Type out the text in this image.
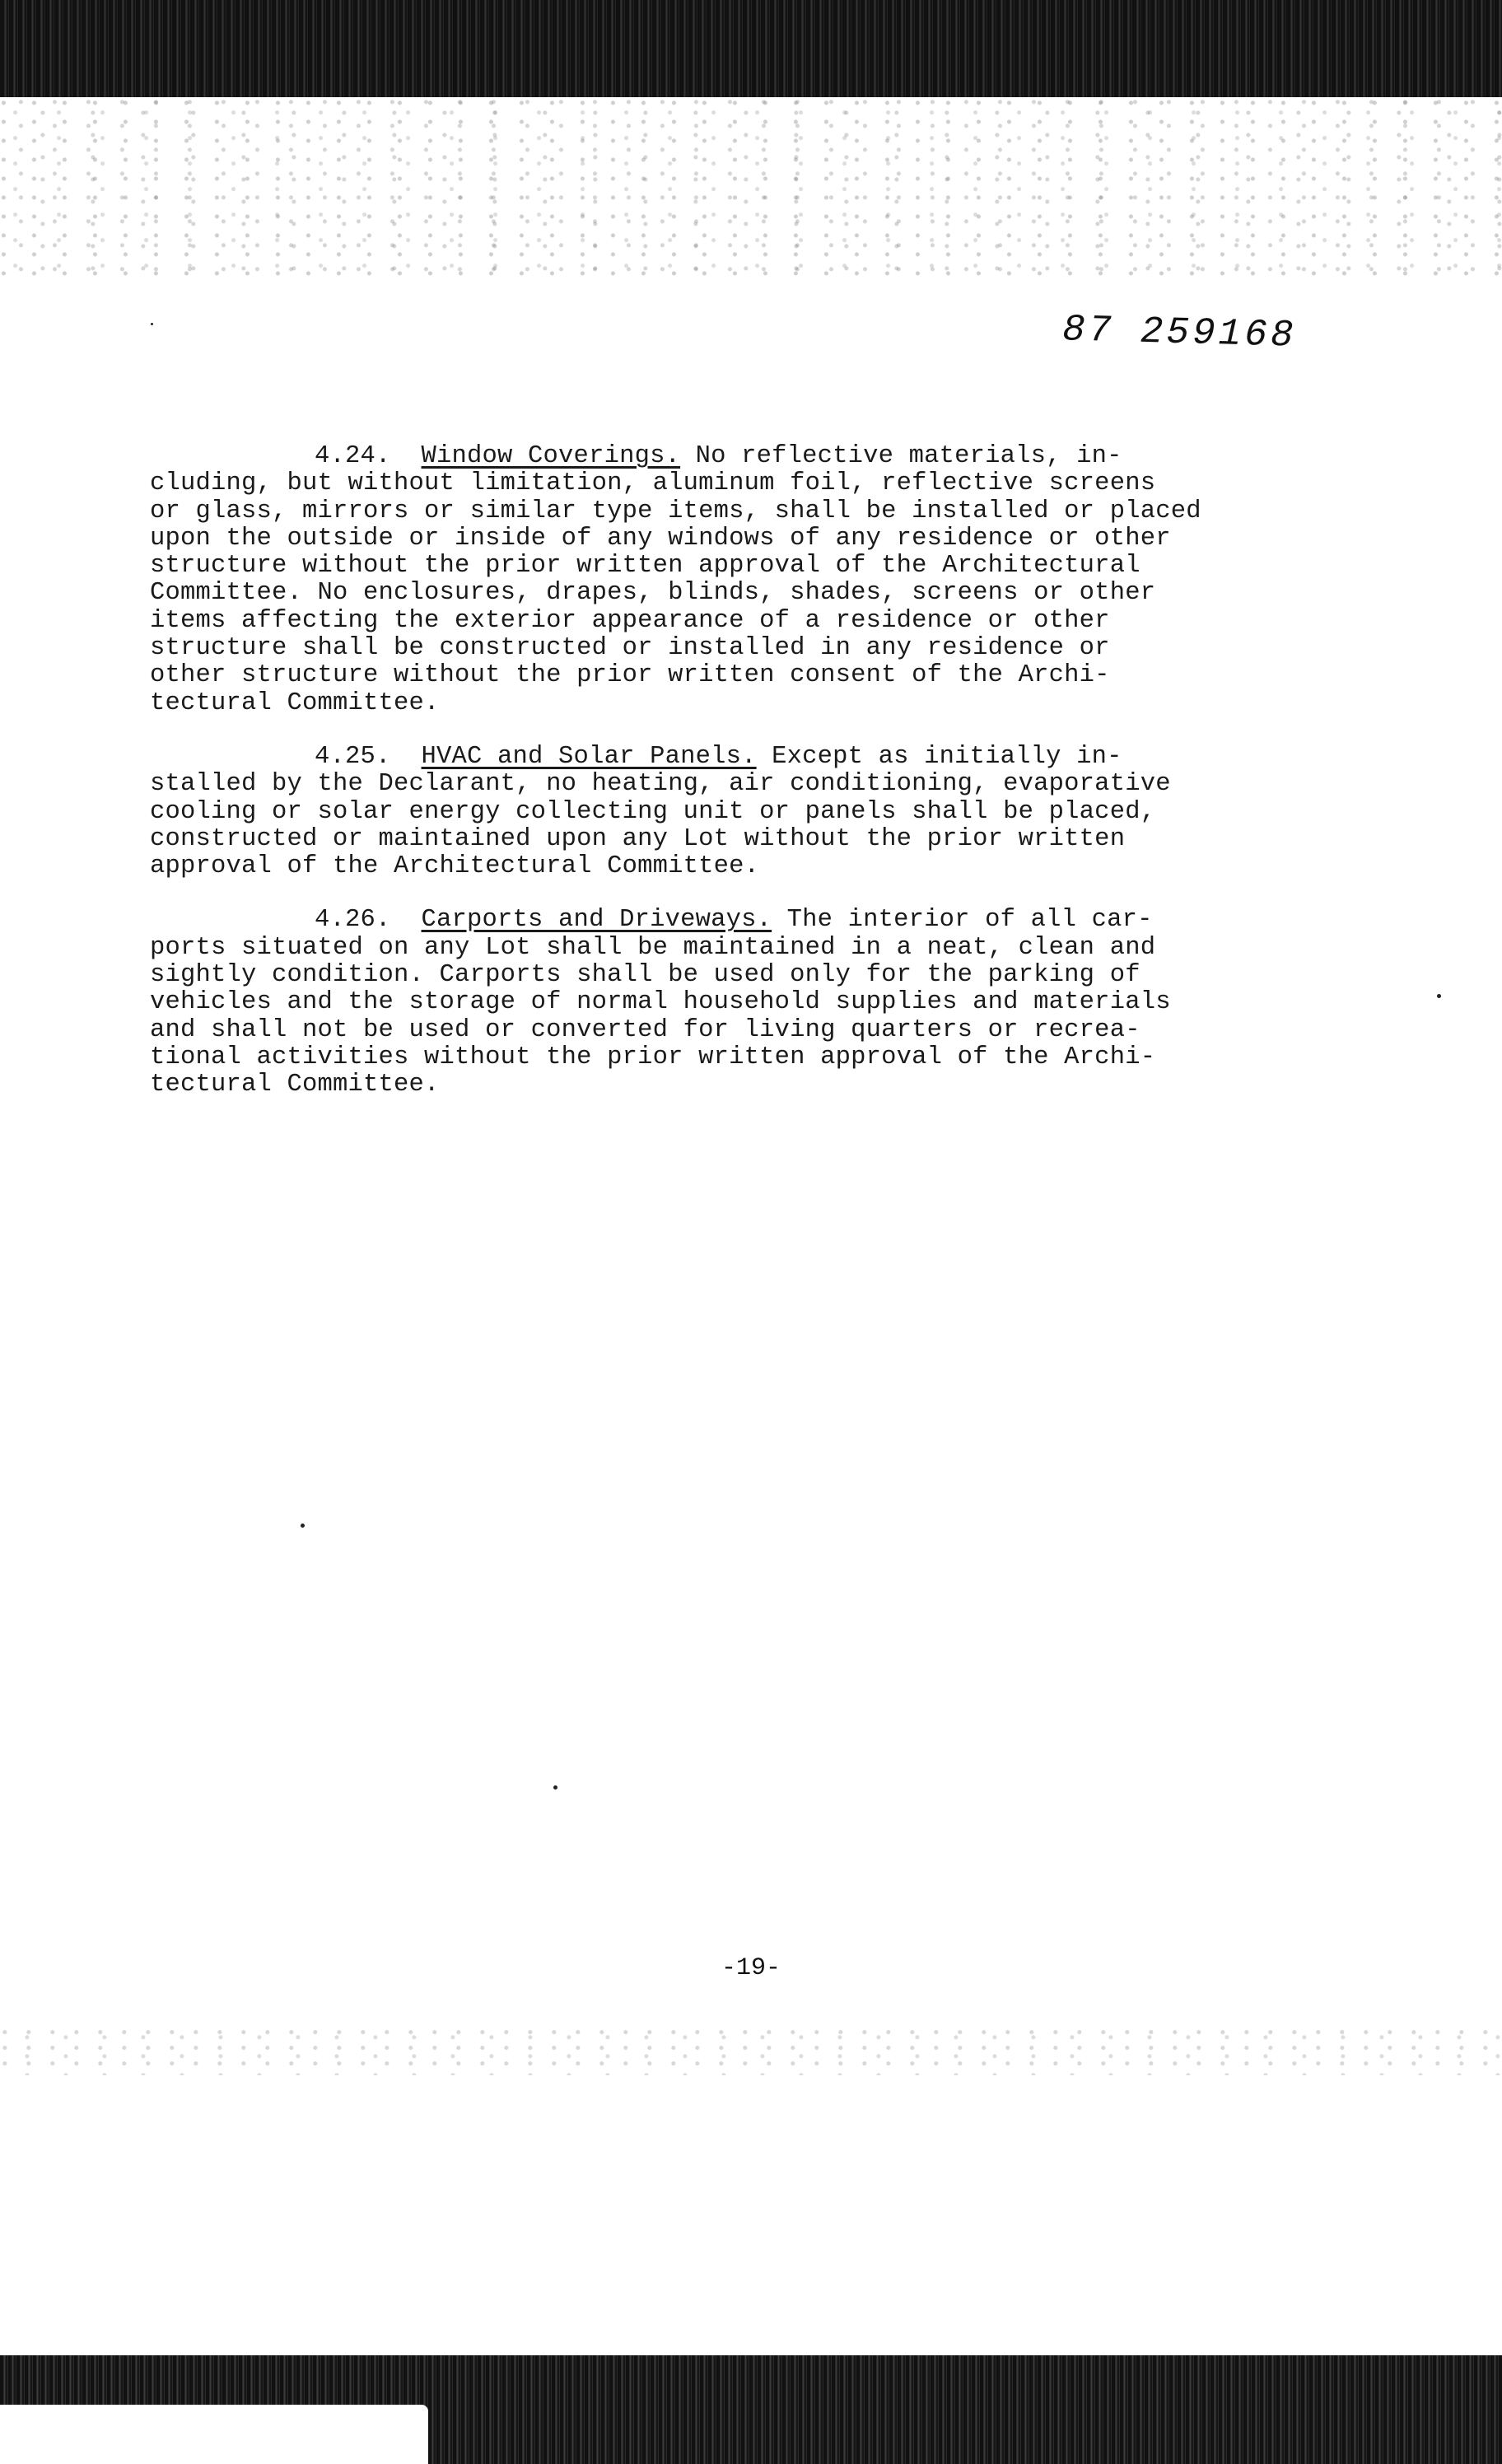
87 259168
4.24. Window Coverings. No reflective materials, in-
cluding, but without limitation, aluminum foil, reflective screens
or glass, mirrors or similar type items, shall be installed or placed
upon the outside or inside of any windows of any residence or other
structure without the prior written approval of the Architectural
Committee. No enclosures, drapes, blinds, shades, screens or other
items affecting the exterior appearance of a residence or other
structure shall be constructed or installed in any residence or
other structure without the prior written consent of the Archi-
tectural Committee.
4.25. HVAC and Solar Panels. Except as initially in-
stalled by the Declarant, no heating, air conditioning, evaporative
cooling or solar energy collecting unit or panels shall be placed,
constructed or maintained upon any Lot without the prior written
approval of the Architectural Committee.
4.26. Carports and Driveways. The interior of all car-
ports situated on any Lot shall be maintained in a neat, clean and
sightly condition. Carports shall be used only for the parking of
vehicles and the storage of normal household supplies and materials
and shall not be used or converted for living quarters or recrea-
tional activities without the prior written approval of the Archi-
tectural Committee.
-19-
